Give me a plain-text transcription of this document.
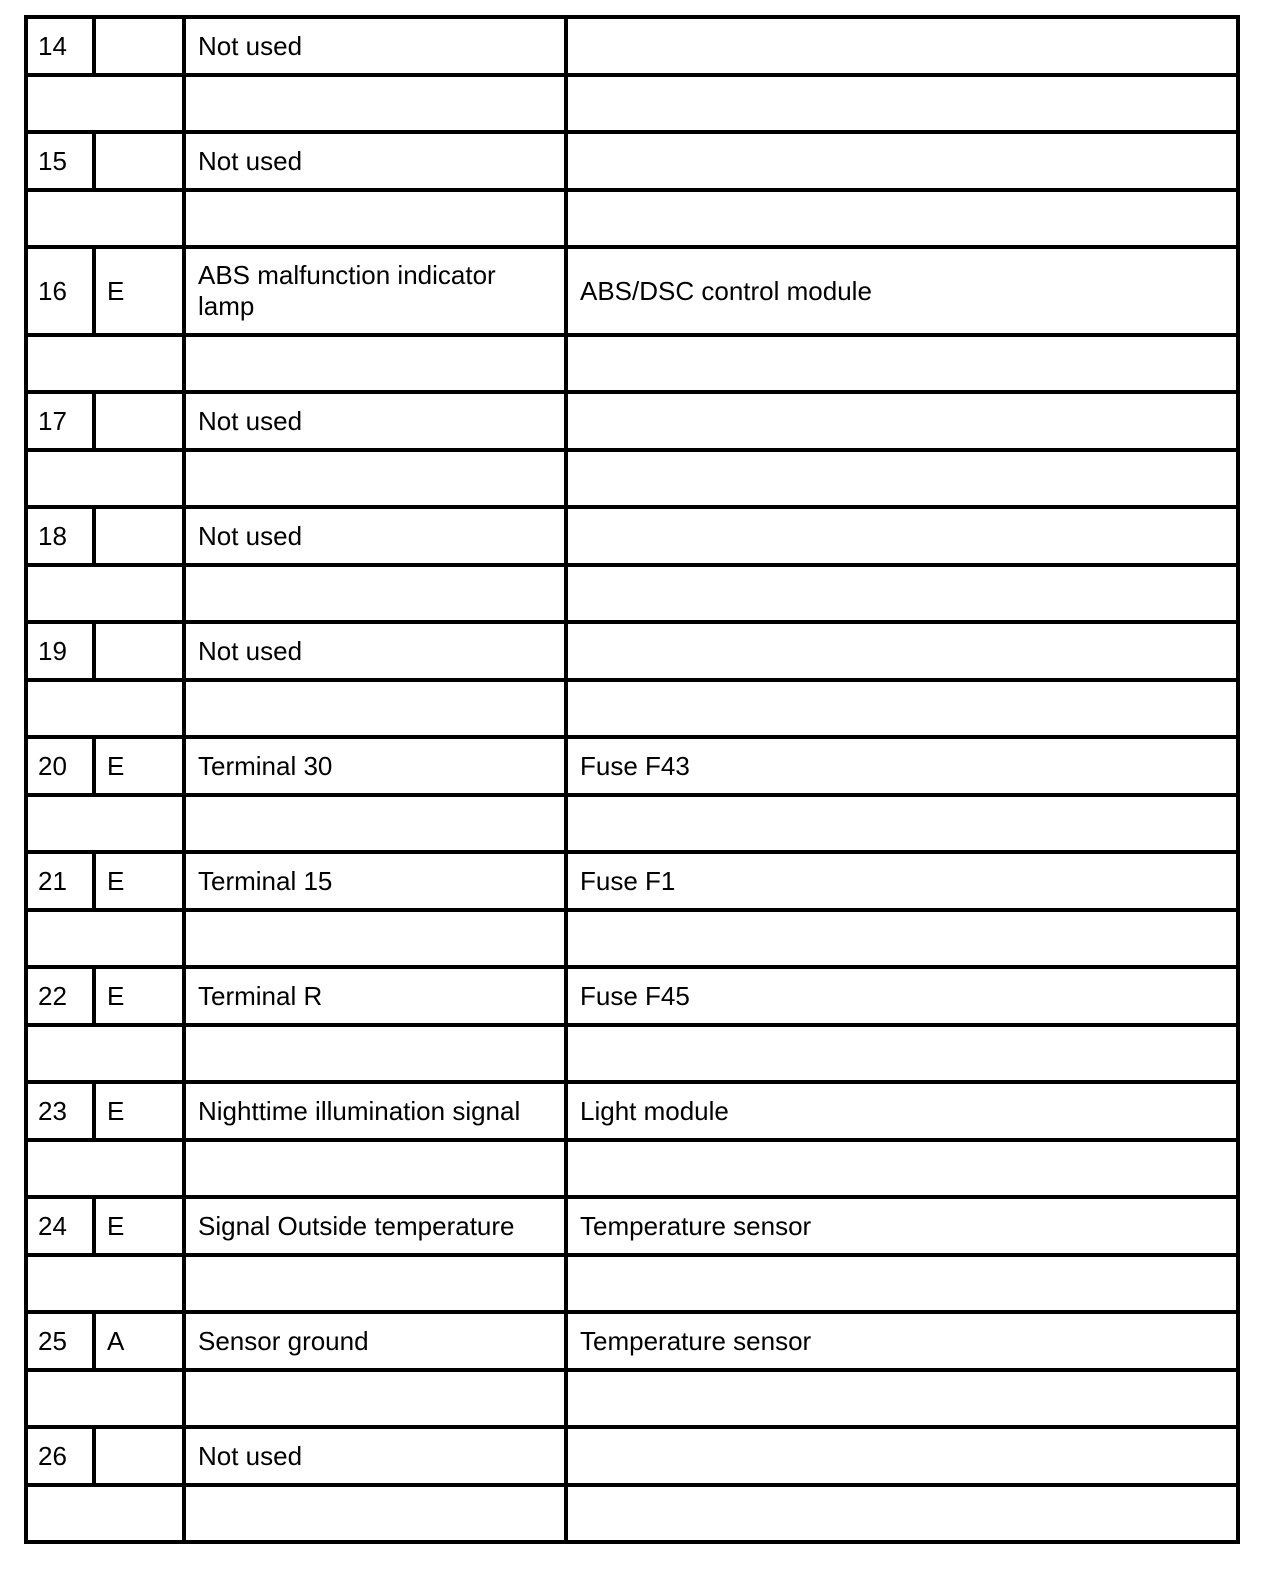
14		Not used	

15		Not used	

16	E	ABS malfunction indicator lamp	ABS/DSC control module

17		Not used	

18		Not used	

19		Not used	

20	E	Terminal 30	Fuse F43

21	E	Terminal 15	Fuse F1

22	E	Terminal R	Fuse F45

23	E	Nighttime illumination signal	Light module

24	E	Signal Outside temperature	Temperature sensor

25	A	Sensor ground	Temperature sensor

26		Not used	
